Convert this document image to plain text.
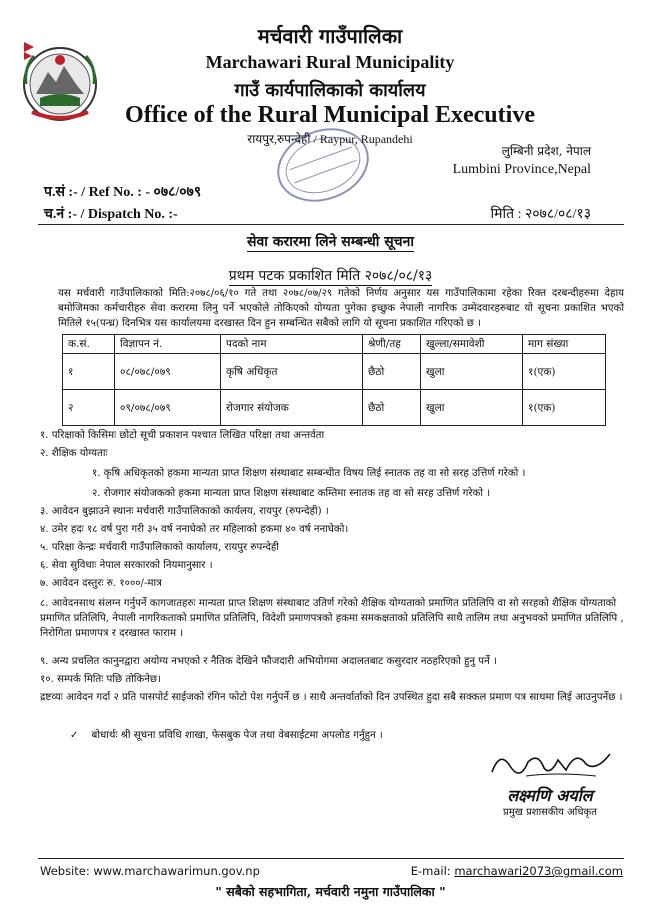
मर्चवारी गाउँपालिका
Marchawari Rural Municipality
गाउँ कार्यपालिकाको कार्यालय
Office of the Rural Municipal Executive
रायपुर,रुपन्देही / Raypur, Rupandehi
लुम्बिनी प्रदेश, नेपाल
Lumbini Province,Nepal
प.सं :- / Ref No. : - ०७८/०७९
च.नं :- / Dispatch No. :-	मिति : २०७८/०८/१३
सेवा करारमा लिने सम्बन्धी सूचना
प्रथम पटक प्रकाशित मिति २०७८/०८/१३
यस मर्चवारी गाउँपालिकाको मिति:२०७८/०६/१० गते तथा २०७८/०७/२९ गतेको निर्णय अनुसार यस गाउँपालिकामा रहेका रिक्त दरबन्दीहरुमा देहाय बमोजिमका कर्मचारीहरु सेवा करारमा लिनु पर्ने भएकोले तोकिएको योग्यता पुगेका इच्छुक नेपाली नागरिक उम्मेदवारहरुबाट यो सूचना प्रकाशित भएको मितिले १५(पन्ध्र) दिनभित्र यस कार्यालयमा दरखास्त दिन हुन सम्बन्धित सबैको लागि यो सूचना प्रकाशित गरिएको छ ।
क.सं.	विज्ञापन नं.	पदको नाम	श्रेणी/तह	खुल्ला/समावेशी	माग संख्या
१	०८/०७८/०७९	कृषि अधिकृत	छैठो	खुला	१(एक)
२	०९/०७८/०७९	रोजगार संयोजक	छैठो	खुला	१(एक)
१. परिक्षाको किसिमः छोटो सूची प्रकाशन पश्चात लिखित परिक्षा तथा अन्तर्वता
२. शैक्षिक योग्यताः
१. कृषि अधिकृतको हकमा मान्यता प्राप्त शिक्षण संस्थाबाट सम्बन्धीत विषय लिई स्नातक तह वा सो सरह उत्तिर्ण गरेको ।
२. रोजगार संयोजकको हकमा मान्यता प्राप्त शिक्षण संस्थाबाट कम्तिमा स्नातक तह वा सो सरह उत्तिर्ण गरेको ।
३. आवेदन बुझाउने स्थानः मर्चवारी गाउँपालिकाको कार्यलय, रायपुर (रुपन्देही) ।
४. उमेर हदः १८ वर्ष पुरा गरी ३५ वर्ष ननाघेको तर महिलाको हकमा ४० वर्ष ननाघेको।
५. परिक्षा केन्द्रः मर्चवारी गाउँपालिकाको कार्यालय, रायपुर रुपन्देही
६. सेवा सुविधाः नेपाल सरकारको नियमानुसार ।
७. आवेदन दस्तुरः रु. १०००/-मात्र
८. आवेदनसाथ संलग्न गर्नुपर्ने कागजातहरुः मान्यता प्राप्त शिक्षण संस्थाबाट उतिर्ण गरेको शैक्षिक योग्यताको प्रमाणित प्रतिलिपि वा सो सरहको शैक्षिक योग्यताको प्रमाणित प्रतिलिपि, नेपाली नागरिकताको प्रमाणित प्रतिलिपि, विदेशी प्रमाणपत्रको हकमा समकक्षताको प्रतिलिपि साथै तालिम तथा अनुभवको प्रमाणित प्रतिलिपि , निरोगिता प्रमाणपत्र र दरखास्त फाराम ।
९. अन्य प्रचलित कानुनद्वारा अयोग्य नभएको र नैतिक देखिने फौजदारी अभियोगमा अदालतबाट कसुरदार नठहरिएको हुनु पर्ने ।
१०. सम्पर्क मितिः पछि तोकिनेछ।
द्रष्टव्यः आवेदन गर्दा २ प्रति पासपोर्ट साईजको रंगिन फोटो पेश गर्नुपर्ने छ । साथै अन्तर्वार्ताको दिन उपस्थित हुदा सबै सक्कल प्रमाण पत्र साथमा लिई आउनुपर्नेछ ।
✓ बोधार्थः श्री सूचना प्रविधि शाखा, फेसबुक पेज तथा वेबसाईटमा अपलोड गर्नुहुन ।
लक्ष्मणि अर्याल
प्रमुख प्रशासकीय अधिकृत
Website: www.marchawarimun.gov.np	E-mail: marchawari2073@gmail.com
" सबैको सहभागिता, मर्चवारी नमुना गाउँपालिका "
